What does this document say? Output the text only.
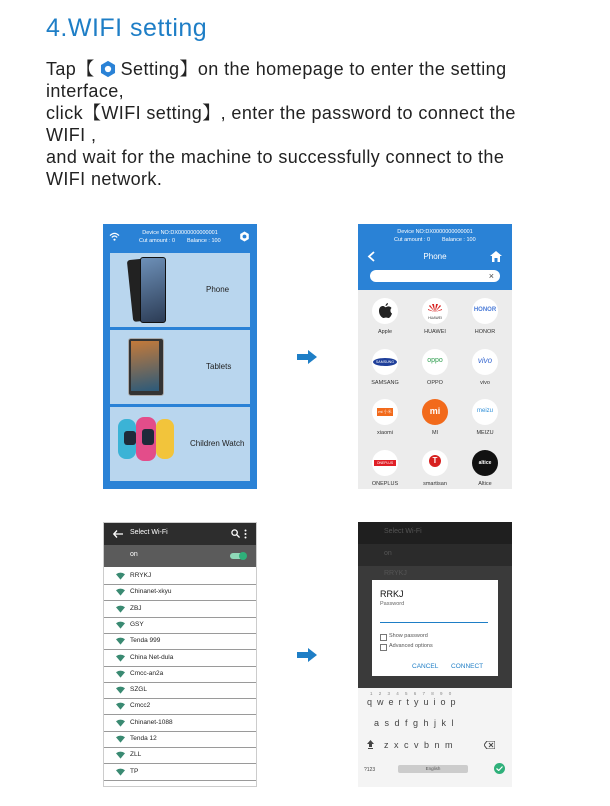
4.WIFI setting
Tap【 Setting】on the homepage to enter the setting
interface,
click【WIFI setting】, enter the password to connect the
WIFI ,
and wait for the machine to successfully connect to the
WIFI network.
Device NO:DX0000000000001
Cut amount : 0 Balance : 100
Phone
Tablets
Children Watch
Device NO:DX0000000000001
Cut amount : 0 Balance : 100
Phone
×
Apple
HUAWEI
HUAWEI
HONOR
HONOR
SAMSUNG
SAMSANG
oppo
OPPO
vivo
vivo
mi 小米
xiaomi
mi
MI
meizu
MEIZU
ONEPLUS
ONEPLUS
T
smartisan
altice
Altice
Select Wi-Fi
on
RRYKJ
Chinanet-xkyu
ZBJ
GSY
Tenda 999
China Net-dula
Cmcc-an2a
SZGL
Cmcc2
Chinanet-1088
Tenda 12
ZLL
TP
Select Wi-Fi
on
RRYKJ
RRKJ
Password
Show password
Advanced options
CANCEL CONNECT
1 2 3 4 5 6 7 8 9 0
q w e r t y u i o p
a s d f g h j k l
z x c v b n m
?123	English
